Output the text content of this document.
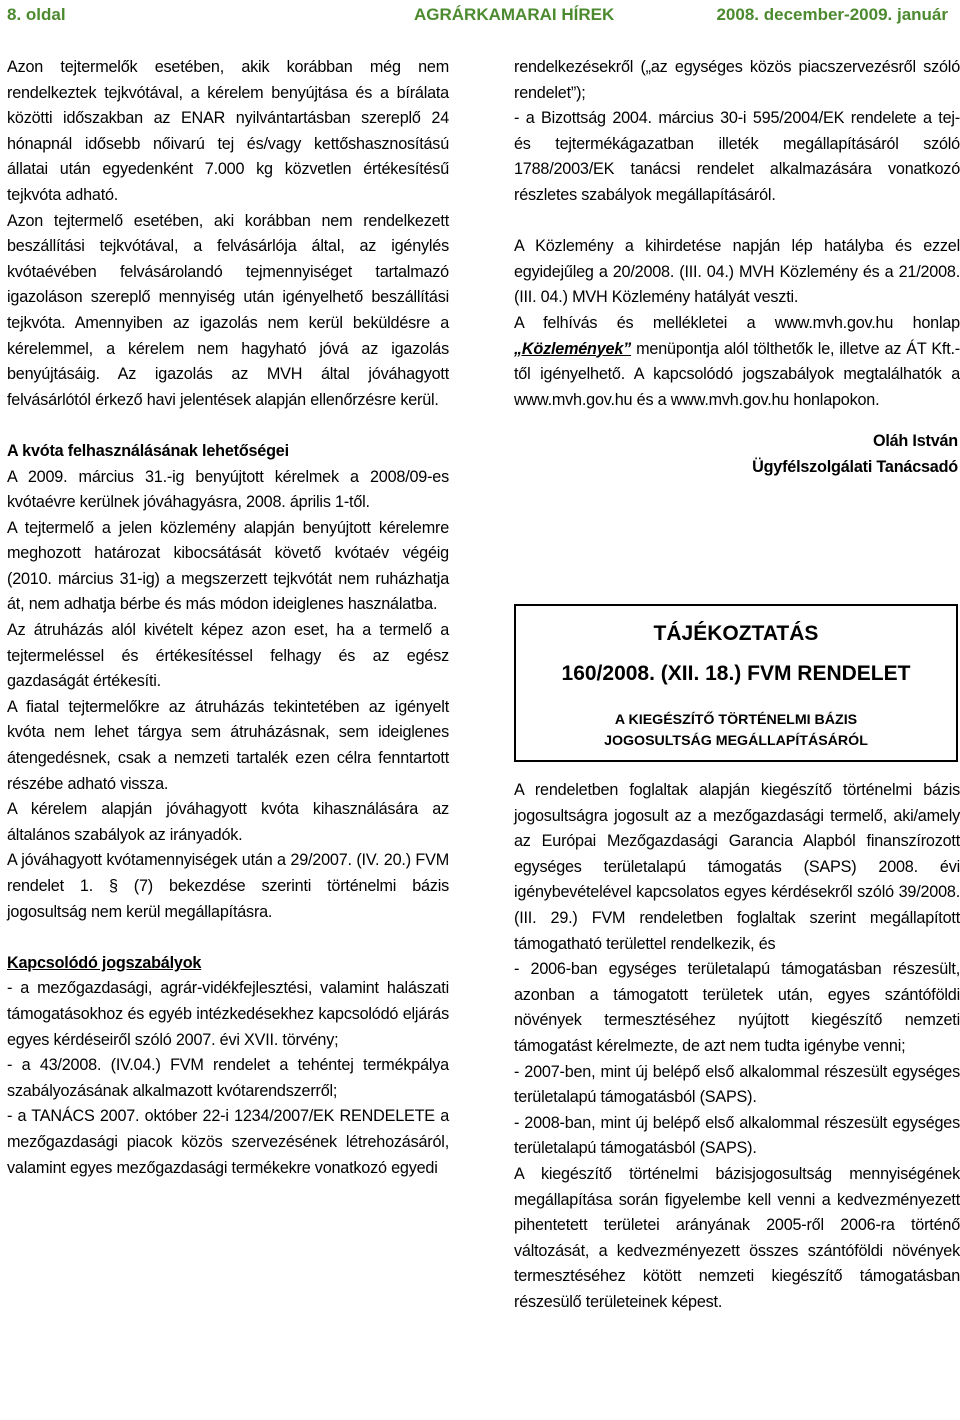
8. oldal	AGRÁRKAMARAI HÍREK	2008. december-2009. január

Azon tejtermelők esetében, akik korábban még nem rendelkeztek tejkvótával, a kérelem benyújtása és a bírálata közötti időszakban az ENAR nyilvántartásban szereplő 24 hónapnál idősebb nőivarú tej és/vagy kettőshasznosítású állatai után egyedenként 7.000 kg közvetlen értékesítésű tejkvóta adható.

Azon tejtermelő esetében, aki korábban nem rendelkezett beszállítási tejkvótával, a felvásárlója által, az igénylés kvótaévében felvásárolandó tejmennyiséget tartalmazó igazoláson szereplő mennyiség után igényelhető beszállítási tejkvóta. Amennyiben az igazolás nem kerül beküldésre a kérelemmel, a kérelem nem hagyható jóvá az igazolás benyújtásáig. Az igazolás az MVH által jóváhagyott felvásárlótól érkező havi jelentések alapján ellenőrzésre kerül.

A kvóta felhasználásának lehetőségei

A 2009. március 31.-ig benyújtott kérelmek a 2008/09-es kvótaévre kerülnek jóváhagyásra, 2008. április 1-től.

A tejtermelő a jelen közlemény alapján benyújtott kérelemre meghozott határozat kibocsátását követő kvótaév végéig (2010. március 31-ig) a megszerzett tejkvótát nem ruházhatja át, nem adhatja bérbe és más módon ideiglenes használatba.

Az átruházás alól kivételt képez azon eset, ha a termelő a tejtermeléssel és értékesítéssel felhagy és az egész gazdaságát értékesíti.

A fiatal tejtermelőkre az átruházás tekintetében az igényelt kvóta nem lehet tárgya sem átruházásnak, sem ideiglenes átengedésnek, csak a nemzeti tartalék ezen célra fenntartott részébe adható vissza.

A kérelem alapján jóváhagyott kvóta kihasználására az általános szabályok az irányadók.

A jóváhagyott kvótamennyiségek után a 29/2007. (IV. 20.) FVM rendelet 1. § (7) bekezdése szerinti történelmi bázis jogosultság nem kerül megállapításra.

Kapcsolódó jogszabályok

- a mezőgazdasági, agrár-vidékfejlesztési, valamint halászati támogatásokhoz és egyéb intézkedésekhez kapcsolódó eljárás egyes kérdéseiről szóló 2007. évi XVII. törvény;

- a 43/2008. (IV.04.) FVM rendelet a tehéntej termékpálya szabályozásának alkalmazott kvótarendszerről;

- a TANÁCS 2007. október 22-i 1234/2007/EK RENDELETE a mezőgazdasági piacok közös szervezésének létrehozásáról, valamint egyes mezőgazdasági termékekre vonatkozó egyedi

rendelkezésekről („az egységes közös piacszervezésről szóló rendelet”);

- a Bizottság 2004. március 30-i 595/2004/EK rendelete a tej- és tejtermékágazatban illeték megállapításáról szóló 1788/2003/EK tanácsi rendelet alkalmazására vonatkozó részletes szabályok megállapításáról.

A Közlemény a kihirdetése napján lép hatályba és ezzel egyidejűleg a 20/2008. (III. 04.) MVH Közlemény és a 21/2008. (III. 04.) MVH Közlemény hatályát veszti.

A felhívás és mellékletei a www.mvh.gov.hu honlap „Közlemények” menüpontja alól tölthetők le, illetve az ÁT Kft.-től igényelhető. A kapcsolódó jogszabályok megtalálhatók a www.mvh.gov.hu és a www.mvh.gov.hu honlapokon.

Oláh István

Ügyfélszolgálati Tanácsadó

TÁJÉKOZTATÁS
160/2008. (XII. 18.) FVM RENDELET
A KIEGÉSZÍTŐ TÖRTÉNELMI BÁZIS
JOGOSULTSÁG MEGÁLLAPÍTÁSÁRÓL

A rendeletben foglaltak alapján kiegészítő történelmi bázis jogosultságra jogosult az a mezőgazdasági termelő, aki/amely az Európai Mezőgazdasági Garancia Alapból finanszírozott egységes területalapú támogatás (SAPS) 2008. évi igénybevételével kapcsolatos egyes kérdésekről szóló 39/2008. (III. 29.) FVM rendeletben foglaltak szerint megállapított támogatható területtel rendelkezik, és

- 2006-ban egységes területalapú támogatásban részesült, azonban a támogatott területek után, egyes szántóföldi növények termesztéséhez nyújtott kiegészítő nemzeti támogatást kérelmezte, de azt nem tudta igénybe venni;

- 2007-ben, mint új belépő első alkalommal részesült egységes területalapú támogatásból (SAPS).

- 2008-ban, mint új belépő első alkalommal részesült egységes területalapú támogatásból (SAPS).

A kiegészítő történelmi bázisjogosultság mennyiségének megállapítása során figyelembe kell venni a kedvezményezett pihentetett területei arányának 2005-ről 2006-ra történő változását, a kedvezményezett összes szántóföldi növények termesztéséhez kötött nemzeti kiegészítő támogatásban részesülő területeinek képest.
